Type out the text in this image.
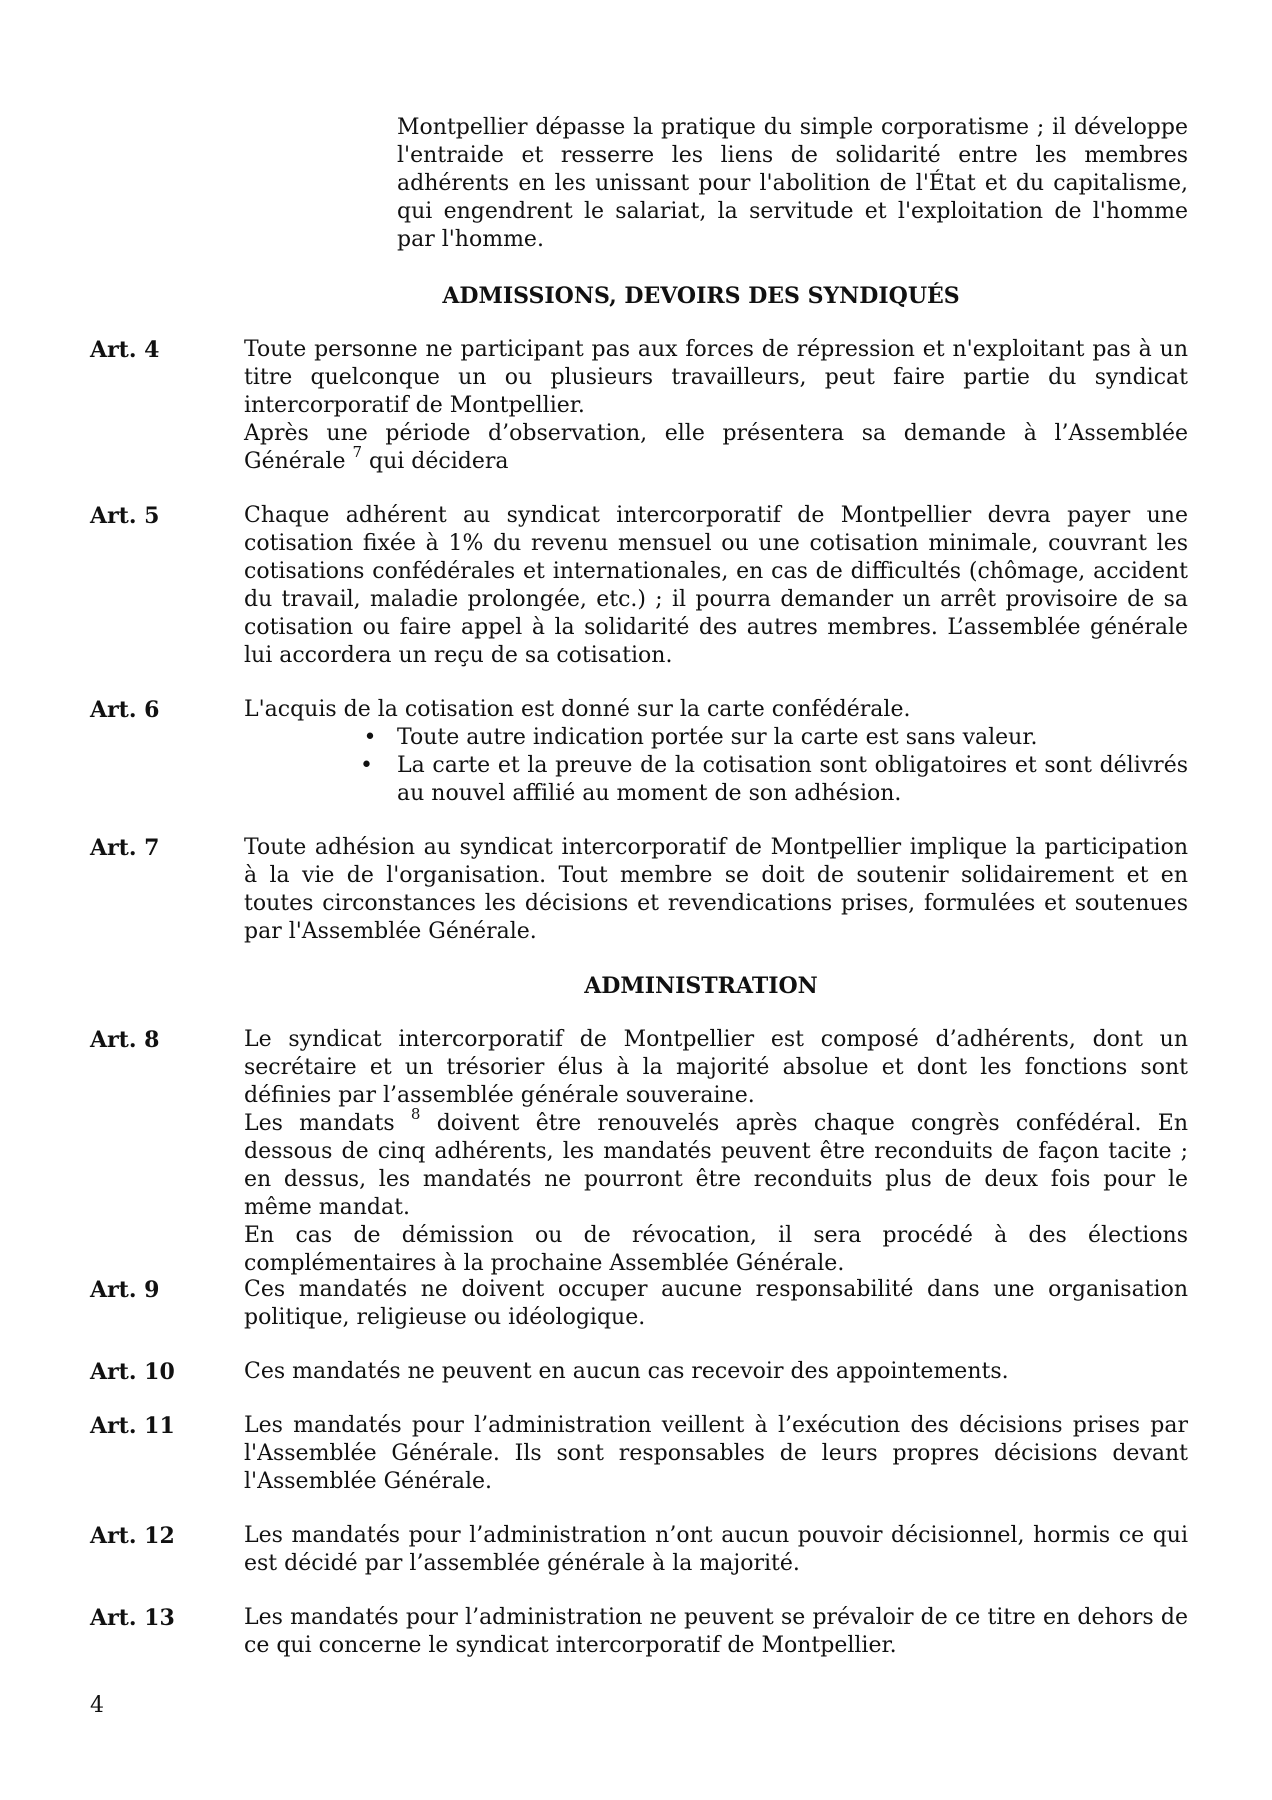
Montpellier dépasse la pratique du simple corporatisme ; il développe l'entraide et resserre les liens de solidarité entre les membres adhérents en les unissant pour l'abolition de l'État et du capitalisme, qui engendrent le salariat, la servitude et l'exploitation de l'homme par l'homme.

ADMISSIONS, DEVOIRS DES SYNDIQUÉS

Art. 4	Toute personne ne participant pas aux forces de répression et n'exploitant pas à un titre quelconque un ou plusieurs travailleurs, peut faire partie du syndicat intercorporatif de Montpellier.

Après une période d’observation, elle présentera sa demande à l’Assemblée Générale $^7$ qui décidera

Art. 5	Chaque adhérent au syndicat intercorporatif de Montpellier devra payer une cotisation fixée à 1% du revenu mensuel ou une cotisation minimale, couvrant les cotisations confédérales et internationales, en cas de difficultés (chômage, accident du travail, maladie prolongée, etc.) ; il pourra demander un arrêt provisoire de sa cotisation ou faire appel à la solidarité des autres membres. L’assemblée générale lui accordera un reçu de sa cotisation.

Art. 6	L'acquis de la cotisation est donné sur la carte confédérale.

• Toute autre indication portée sur la carte est sans valeur.
•	La carte et la preuve de la cotisation sont obligatoires et sont délivrés au nouvel affilié au moment de son adhésion.

Art. 7	Toute adhésion au syndicat intercorporatif de Montpellier implique la participation à la vie de l'organisation. Tout membre se doit de soutenir solidairement et en toutes circonstances les décisions et revendications prises, formulées et soutenues par l'Assemblée Générale.

ADMINISTRATION

Art. 8	Le syndicat intercorporatif de Montpellier est composé d’adhérents, dont un secrétaire et un trésorier élus à la majorité absolue et dont les fonctions sont définies par l’assemblée générale souveraine.

Les mandats $^8$ doivent être renouvelés après chaque congrès confédéral. En dessous de cinq adhérents, les mandatés peuvent être reconduits de façon tacite ; en dessus, les mandatés ne pourront être reconduits plus de deux fois pour le même mandat.

En cas de démission ou de révocation, il sera procédé à des élections complémentaires à la prochaine Assemblée Générale.

Art. 9	Ces mandatés ne doivent occuper aucune responsabilité dans une organisation politique, religieuse ou idéologique.

Art. 10	Ces mandatés ne peuvent en aucun cas recevoir des appointements.

Art. 11	Les mandatés pour l’administration veillent à l’exécution des décisions prises par l'Assemblée Générale. Ils sont responsables de leurs propres décisions devant l'Assemblée Générale.

Art. 12	Les mandatés pour l’administration n’ont aucun pouvoir décisionnel, hormis ce qui est décidé par l’assemblée générale à la majorité.

Art. 13	Les mandatés pour l’administration ne peuvent se prévaloir de ce titre en dehors de ce qui concerne le syndicat intercorporatif de Montpellier.

4
